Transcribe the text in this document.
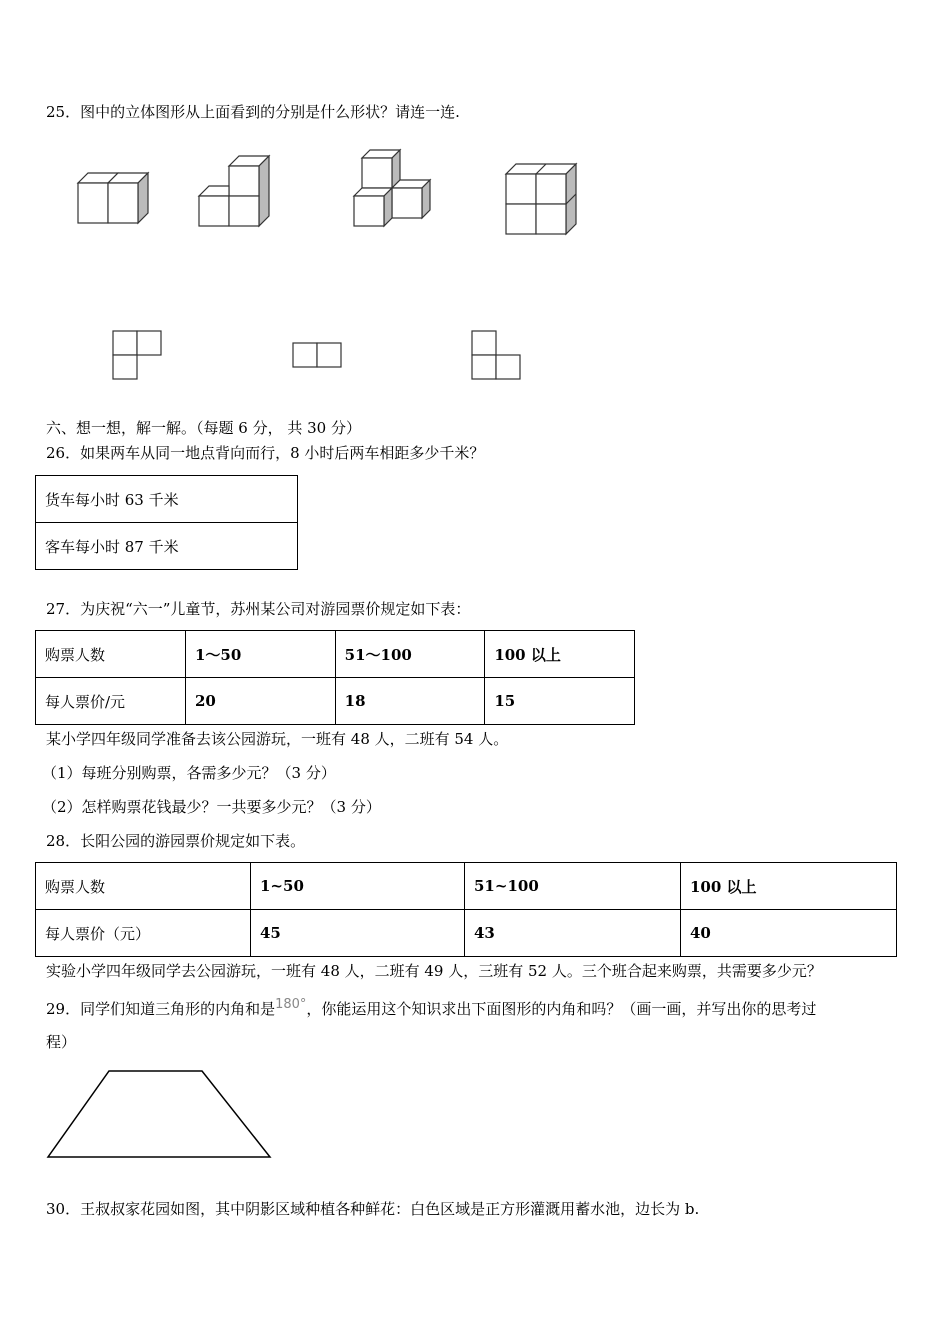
25．图中的立体图形从上面看到的分别是什么形状？请连一连.
六、想一想，解一解。（每题 6 分， 共 30 分）
26．如果两车从同一地点背向而行，8 小时后两车相距多少千米？
货车每小时 63 千米
客车每小时 87 千米
27．为庆祝“六一”儿童节，苏州某公司对游园票价规定如下表：
购票人数	1～50	51～100	100 以上
每人票价/元	20	18	15
某小学四年级同学准备去该公园游玩，一班有 48 人，二班有 54 人。
（1）每班分别购票，各需多少元？（3 分）
（2）怎样购票花钱最少？一共要多少元？（3 分）
28．长阳公园的游园票价规定如下表。
购票人数	1~50	51~100	100 以上
每人票价（元）	45	43	40
实验小学四年级同学去公园游玩，一班有 48 人，二班有 49 人，三班有 52 人。三个班合起来购票，共需要多少元？
29．同学们知道三角形的内角和是180°，你能运用这个知识求出下面图形的内角和吗？（画一画，并写出你的思考过
程）
30．王叔叔家花园如图，其中阴影区域种植各种鲜花：白色区域是正方形灌溉用蓄水池，边长为 b.
